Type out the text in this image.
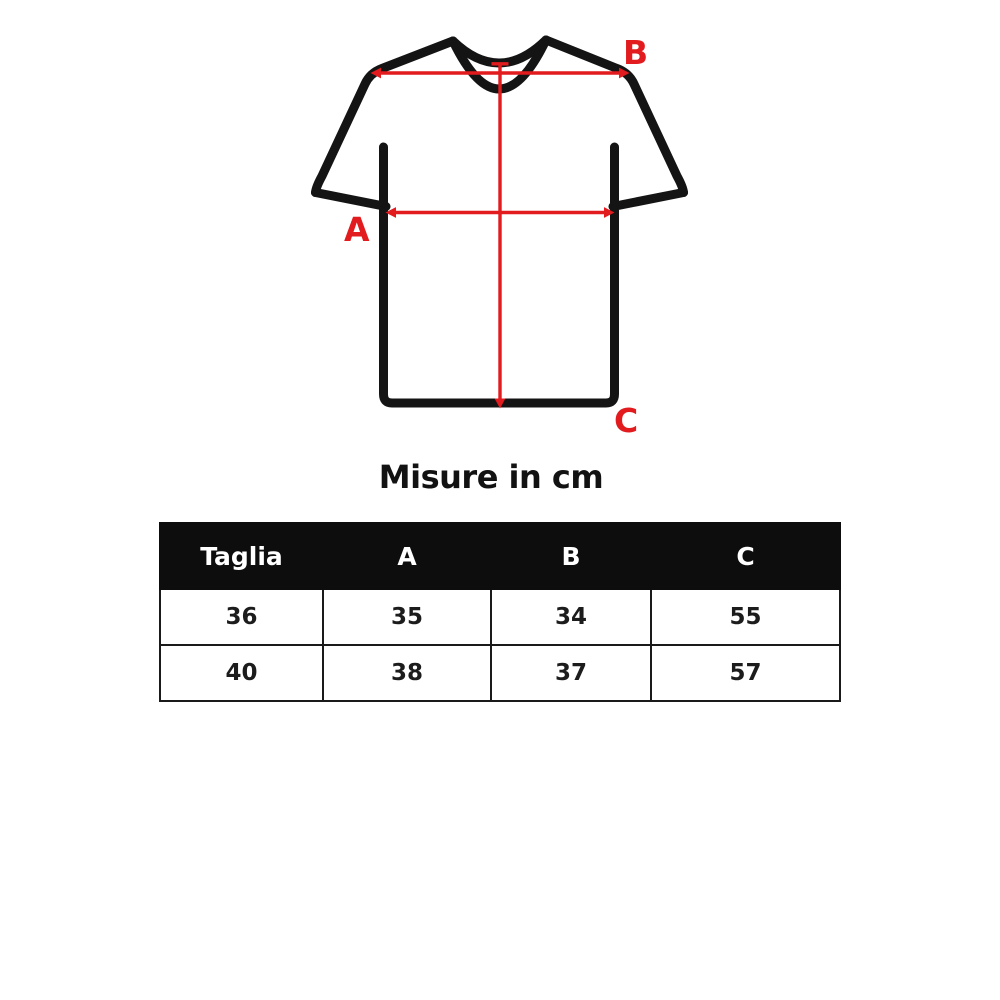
A
B
C
Misure in cm
Taglia	A	B	C
36	35	34	55
40	38	37	57
